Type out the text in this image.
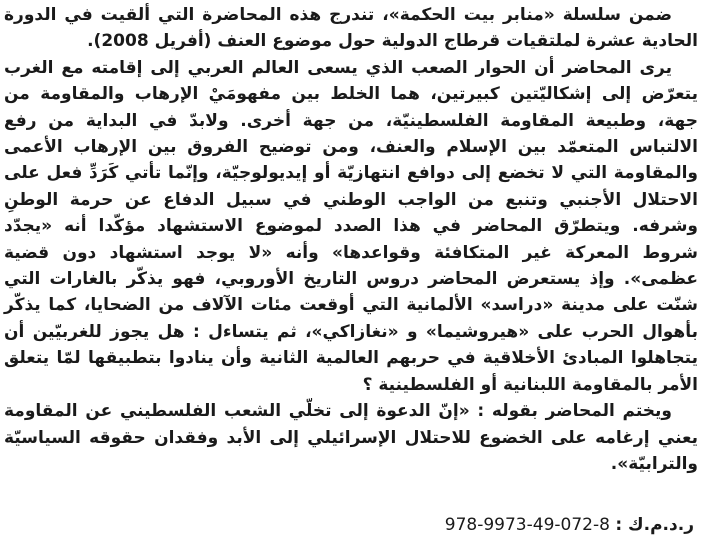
ضمن سلسلة «منابر بيت الحكمة»، تندرج هذه المحاضرة التي ألقيت في الدورة الحادية عشرة لملتقيات قرطاج الدولية حول موضوع العنف (أفريل 2008).

يرى المحاضر أن الحوار الصعب الذي يسعى العالم العربي إلى إقامته مع الغرب يتعرّض إلى إشكاليّتين كبيرتين، هما الخلط بين مفهومَيْ الإرهاب والمقاومة من جهة، وطبيعة المقاومة الفلسطينيّة، من جهة أخرى. ولابدّ في البداية من رفع الالتباس المتعمّد بين الإسلام والعنف، ومن توضيح الفروق بين الإرهاب الأعمى والمقاومة التي لا تخضع إلى دوافع انتهازيّة أو إيديولوجيّة، وإنّما تأتي كَرَدِّ فعل على الاحتلال الأجنبي وتنبع من الواجب الوطني في سبيل الدفاع عن حرمة الوطنِ وشرفه. ويتطرّق المحاضر في هذا الصدد لموضوع الاستشهاد مؤكّدا أنه «يجدّد شروط المعركة غير المتكافئة وقواعدها» وأنه «لا يوجد استشهاد دون قضية عظمى». وإذ يستعرض المحاضر دروس التاريخ الأوروبي، فهو يذكّر بالغارات التي شنّت على مدينة «دراسد» الألمانية التي أوقعت مئات الآلاف من الضحايا، كما يذكّر بأهوال الحرب على «هيروشيما» و «نغازاكي»، ثم يتساءل : هل يجوز للغربيّين أن يتجاهلوا المبادئ الأخلاقية في حربهم العالمية الثانية وأن ينادوا بتطبيقها لمّا يتعلق الأمر بالمقاومة اللبنانية أو الفلسطينية ؟

ويختم المحاضر بقوله : «إنّ الدعوة إلى تخلّي الشعب الفلسطيني عن المقاومة يعني إرغامه على الخضوع للاحتلال الإسرائيلي إلى الأبد وفقدان حقوقه السياسيّة والترابيّة».

ر.د.م.ك : 978-9973-49-072-8
